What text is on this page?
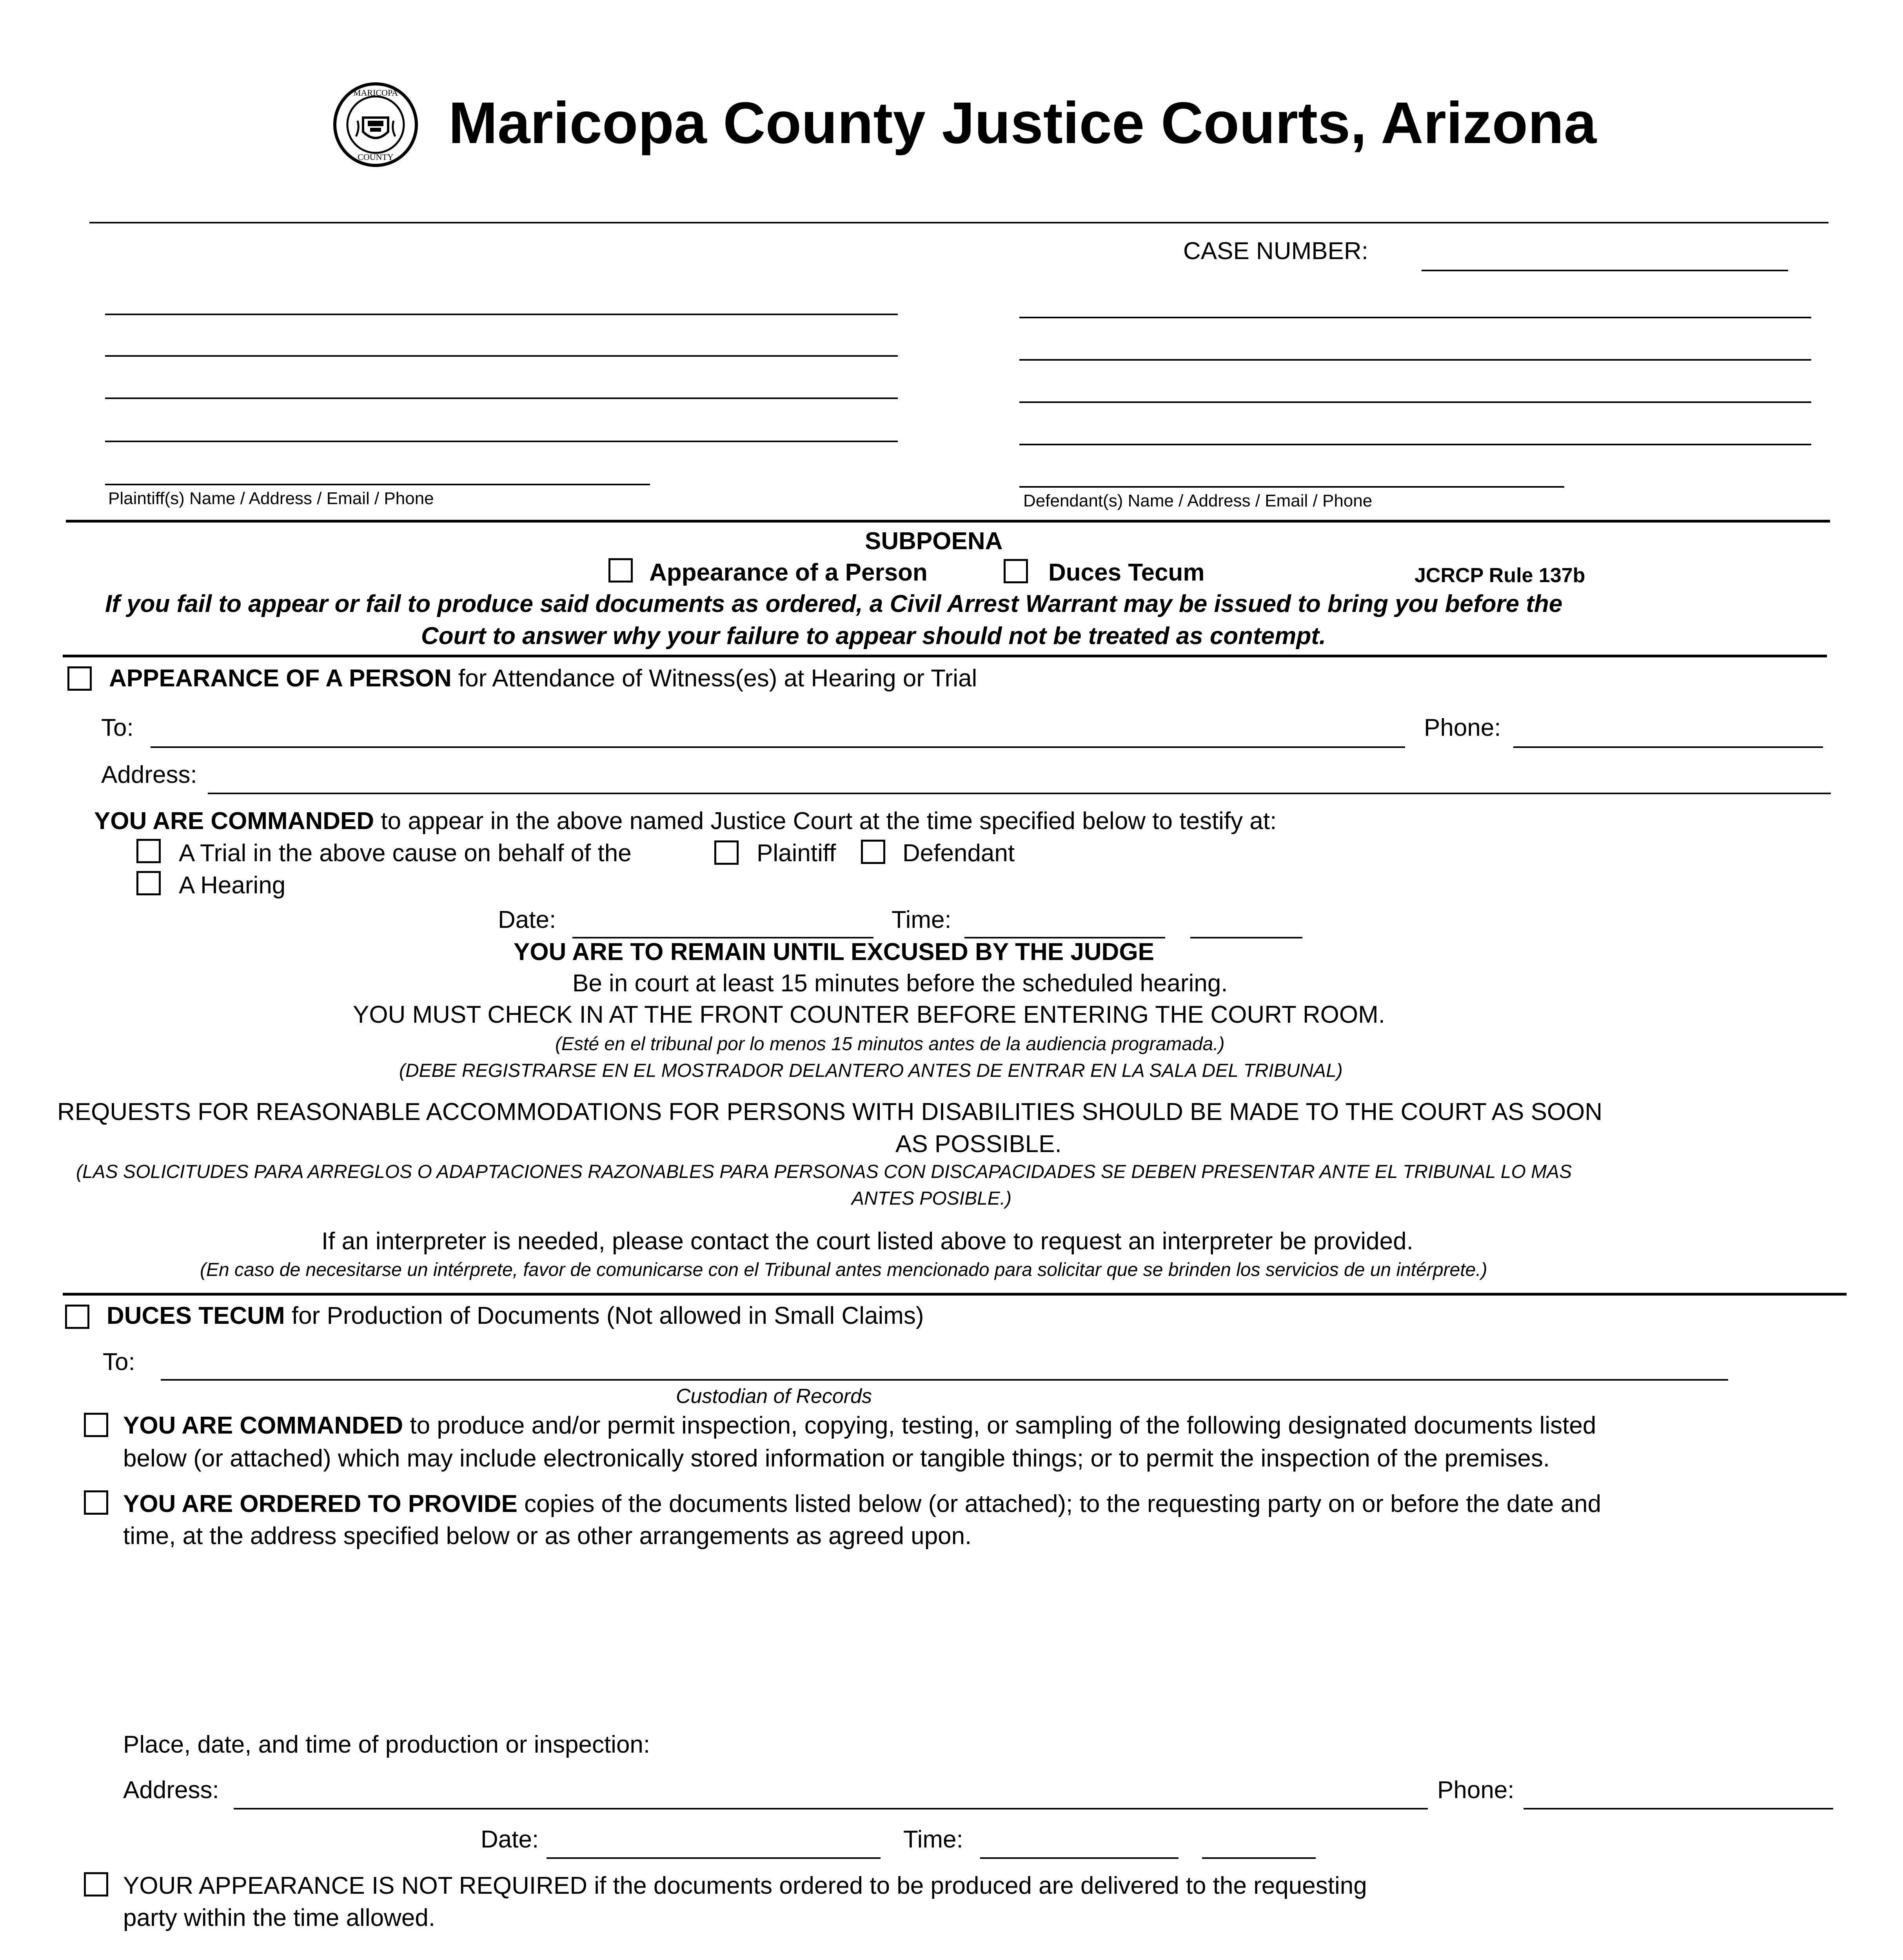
MARICOPA
COUNTY
Maricopa County Justice Courts, Arizona
CASE NUMBER:
Plaintiff(s) Name / Address / Email / Phone	Defendant(s) Name / Address / Email / Phone
SUBPOENA
Appearance of a Person	Duces Tecum	JCRCP Rule 137b
If you fail to appear or fail to produce said documents as ordered, a Civil Arrest Warrant may be issued to bring you before the
Court to answer why your failure to appear should not be treated as contempt.
APPEARANCE OF A PERSON for Attendance of Witness(es) at Hearing or Trial
To:	Phone:
Address:
YOU ARE COMMANDED to appear in the above named Justice Court at the time specified below to testify at:
A Trial in the above cause on behalf of the	Plaintiff	Defendant
A Hearing
Date:	Time:
YOU ARE TO REMAIN UNTIL EXCUSED BY THE JUDGE
Be in court at least 15 minutes before the scheduled hearing.
YOU MUST CHECK IN AT THE FRONT COUNTER BEFORE ENTERING THE COURT ROOM.
(Esté en el tribunal por lo menos 15 minutos antes de la audiencia programada.)
(DEBE REGISTRARSE EN EL MOSTRADOR DELANTERO ANTES DE ENTRAR EN LA SALA DEL TRIBUNAL)
REQUESTS FOR REASONABLE ACCOMMODATIONS FOR PERSONS WITH DISABILITIES SHOULD BE MADE TO THE COURT AS SOON
AS POSSIBLE.
(LAS SOLICITUDES PARA ARREGLOS O ADAPTACIONES RAZONABLES PARA PERSONAS CON DISCAPACIDADES SE DEBEN PRESENTAR ANTE EL TRIBUNAL LO MAS
ANTES POSIBLE.)
If an interpreter is needed, please contact the court listed above to request an interpreter be provided.
(En caso de necesitarse un intérprete, favor de comunicarse con el Tribunal antes mencionado para solicitar que se brinden los servicios de un intérprete.)
DUCES TECUM for Production of Documents (Not allowed in Small Claims)
To:
Custodian of Records
YOU ARE COMMANDED to produce and/or permit inspection, copying, testing, or sampling of the following designated documents listed
below (or attached) which may include electronically stored information or tangible things; or to permit the inspection of the premises.
YOU ARE ORDERED TO PROVIDE copies of the documents listed below (or attached); to the requesting party on or before the date and
time, at the address specified below or as other arrangements as agreed upon.
Place, date, and time of production or inspection:
Address:	Phone:
Date:	Time:
YOUR APPEARANCE IS NOT REQUIRED if the documents ordered to be produced are delivered to the requesting
party within the time allowed.
